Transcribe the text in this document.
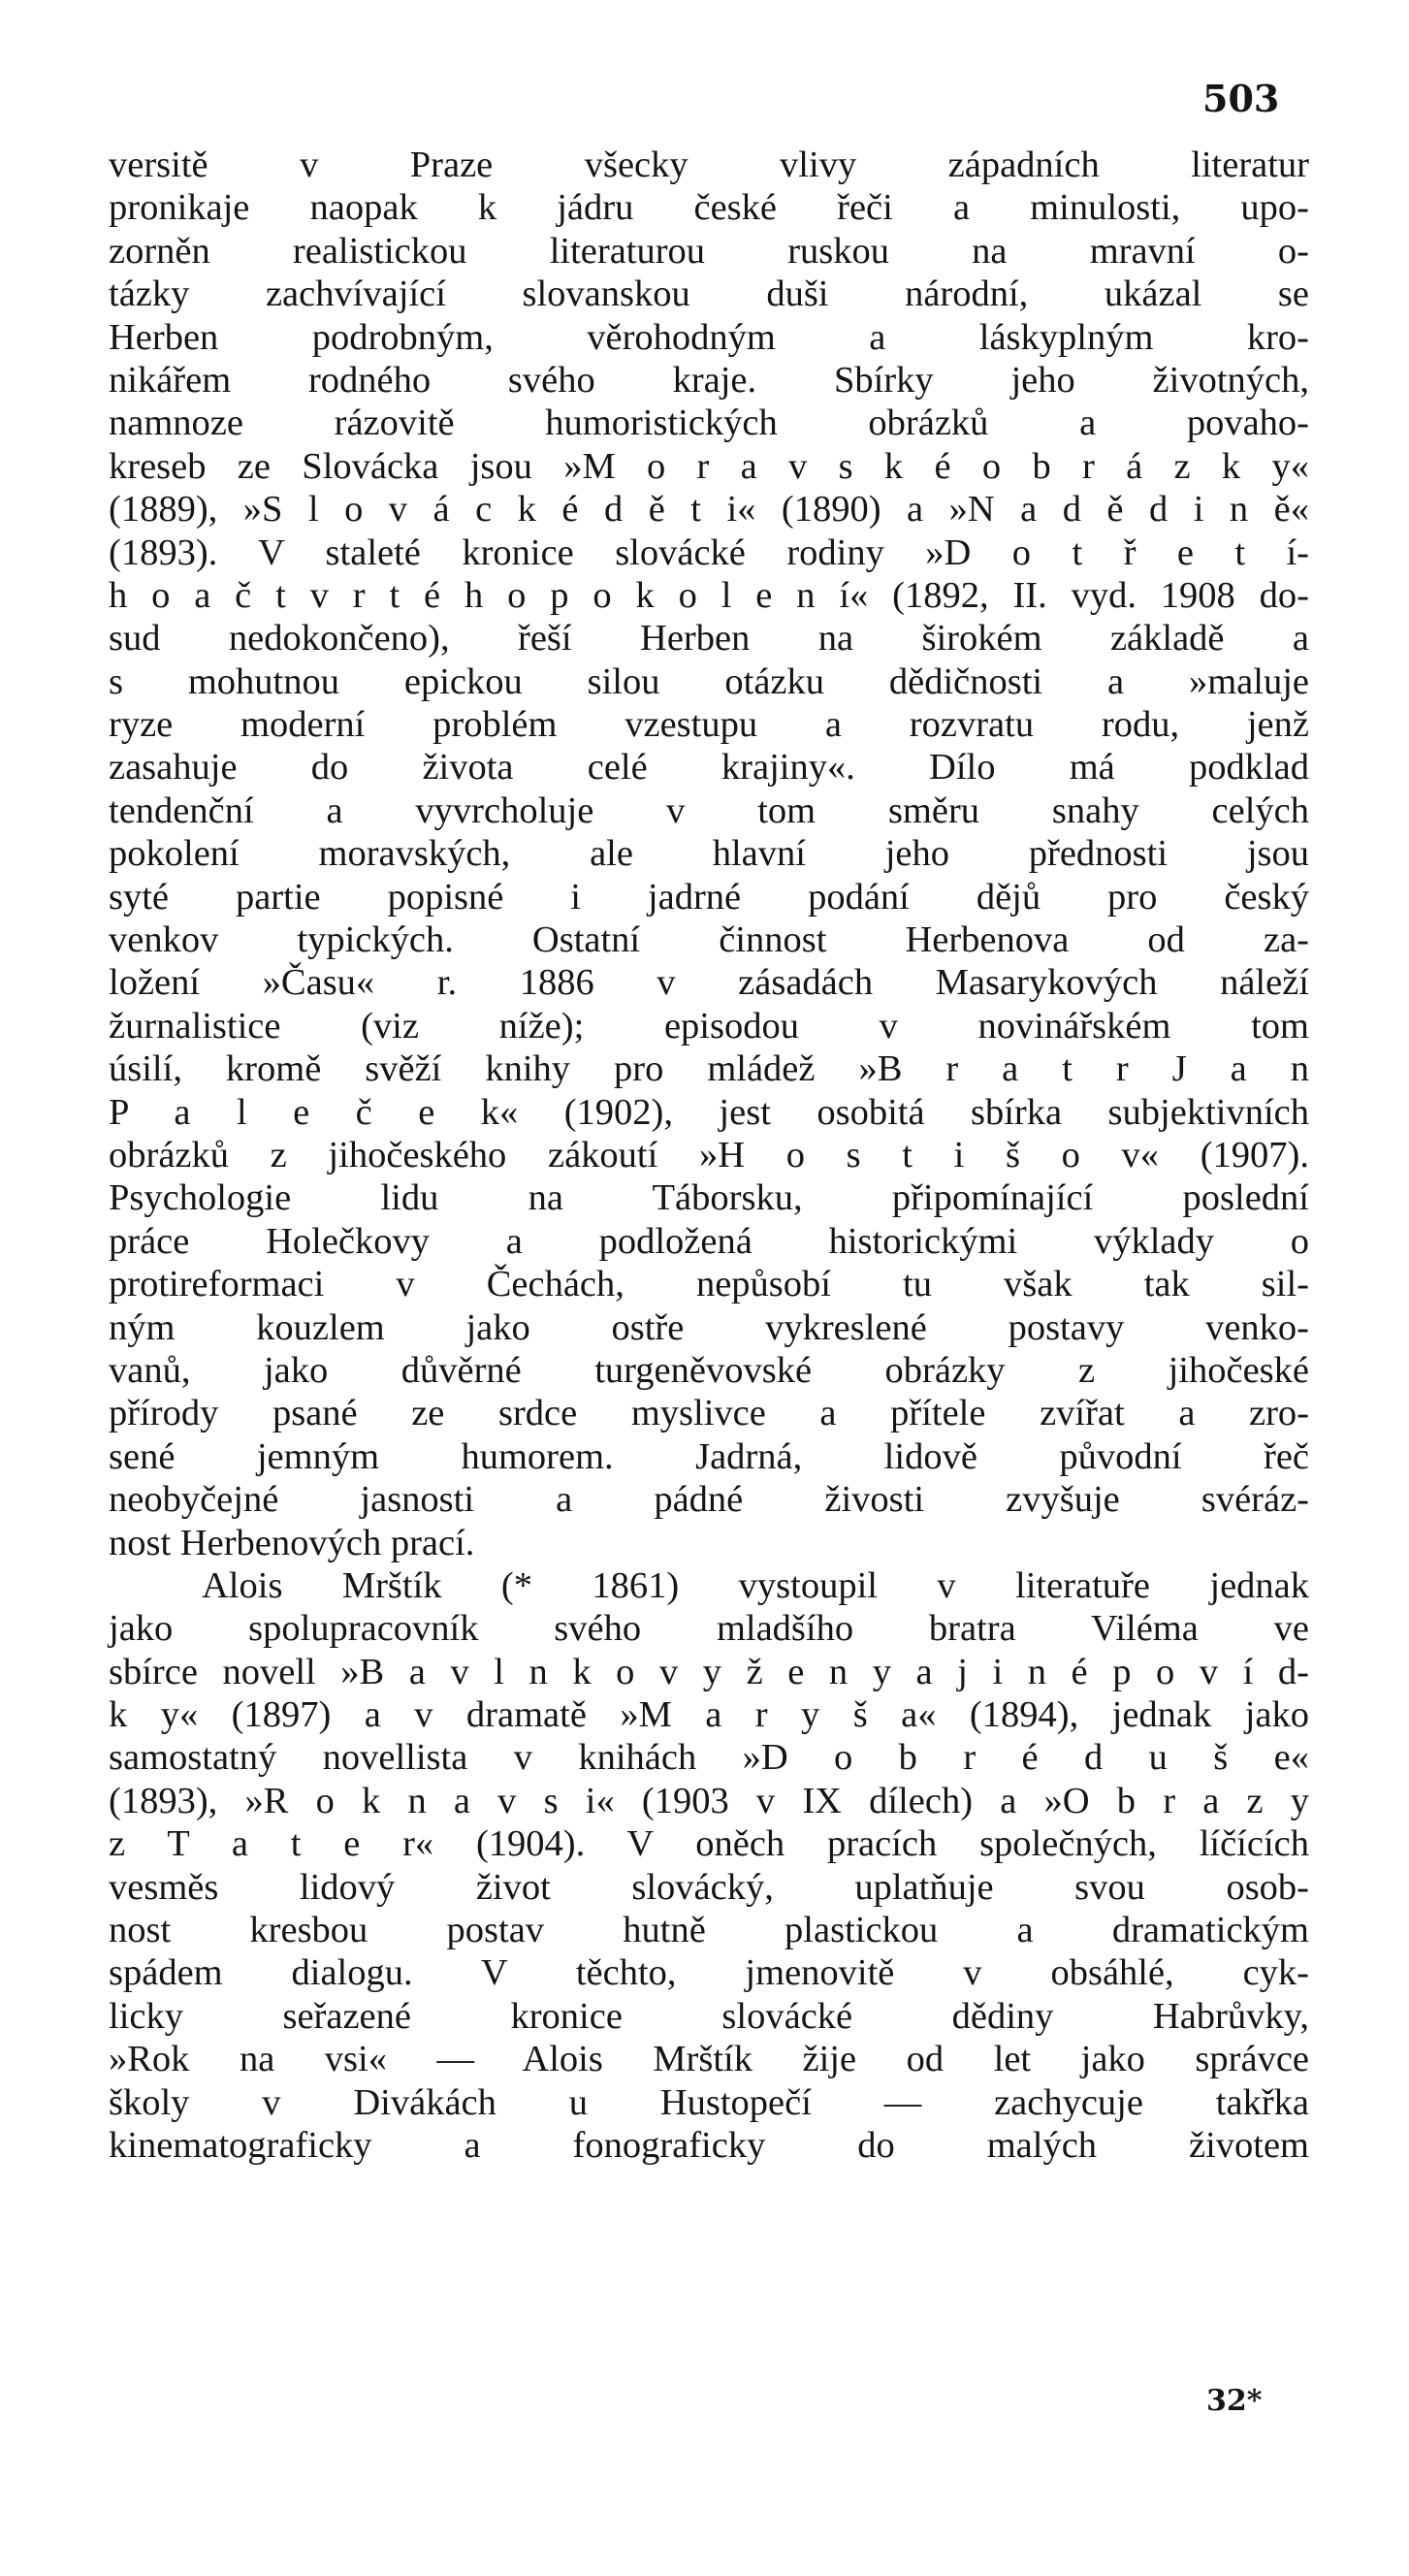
503
versitě v Praze všecky vlivy západních literatur
pronikaje naopak k jádru české řeči a minulosti, upo-
zorněn realistickou literaturou ruskou na mravní o-
tázky zachvívající slovanskou duši národní, ukázal se
Herben podrobným, věrohodným a láskyplným kro-
nikářem rodného svého kraje. Sbírky jeho životných,
namnoze rázovitě humoristických obrázků a povaho-
kreseb ze Slovácka jsou »M o r a v s k é o b r á z k y«
(1889), »S l o v á c k é d ě t i« (1890) a »N a d ě d i n ě«
(1893). V staleté kronice slovácké rodiny »D o t ř e t í-
h o a č t v r t é h o p o k o l e n í« (1892, II. vyd. 1908 do-
sud nedokončeno), řeší Herben na širokém základě a
s mohutnou epickou silou otázku dědičnosti a »maluje
ryze moderní problém vzestupu a rozvratu rodu, jenž
zasahuje do života celé krajiny«. Dílo má podklad
tendenční a vyvrcholuje v tom směru snahy celých
pokolení moravských, ale hlavní jeho přednosti jsou
syté partie popisné i jadrné podání dějů pro český
venkov typických. Ostatní činnost Herbenova od za-
ložení »Času« r. 1886 v zásadách Masarykových náleží
žurnalistice (viz níže); episodou v novinářském tom
úsilí, kromě svěží knihy pro mládež »B r a t r J a n
P a l e č e k« (1902), jest osobitá sbírka subjektivních
obrázků z jihočeského zákoutí »H o s t i š o v« (1907).
Psychologie lidu na Táborsku, připomínající poslední
práce Holečkovy a podložená historickými výklady o
protireformaci v Čechách, nepůsobí tu však tak sil-
ným kouzlem jako ostře vykreslené postavy venko-
vanů, jako důvěrné turgeněvovské obrázky z jihočeské
přírody psané ze srdce myslivce a přítele zvířat a zro-
sené jemným humorem. Jadrná, lidově původní řeč
neobyčejné jasnosti a pádné živosti zvyšuje svéráz-
nost Herbenových prací.
Alois Mrštík (* 1861) vystoupil v literatuře jednak
jako spolupracovník svého mladšího bratra Viléma ve
sbírce novell »B a v l n k o v y ž e n y a j i n é p o v í d-
k y« (1897) a v dramatě »M a r y š a« (1894), jednak jako
samostatný novellista v knihách »D o b r é d u š e«
(1893), »R o k n a v s i« (1903 v IX dílech) a »O b r a z y
z T a t e r« (1904). V oněch pracích společných, líčících
vesměs lidový život slovácký, uplatňuje svou osob-
nost kresbou postav hutně plastickou a dramatickým
spádem dialogu. V těchto, jmenovitě v obsáhlé, cyk-
licky seřazené kronice slovácké dědiny Habrůvky,
»Rok na vsi« — Alois Mrštík žije od let jako správce
školy v Divákách u Hustopečí — zachycuje takřka
kinematograficky a fonograficky do malých životem
32*
